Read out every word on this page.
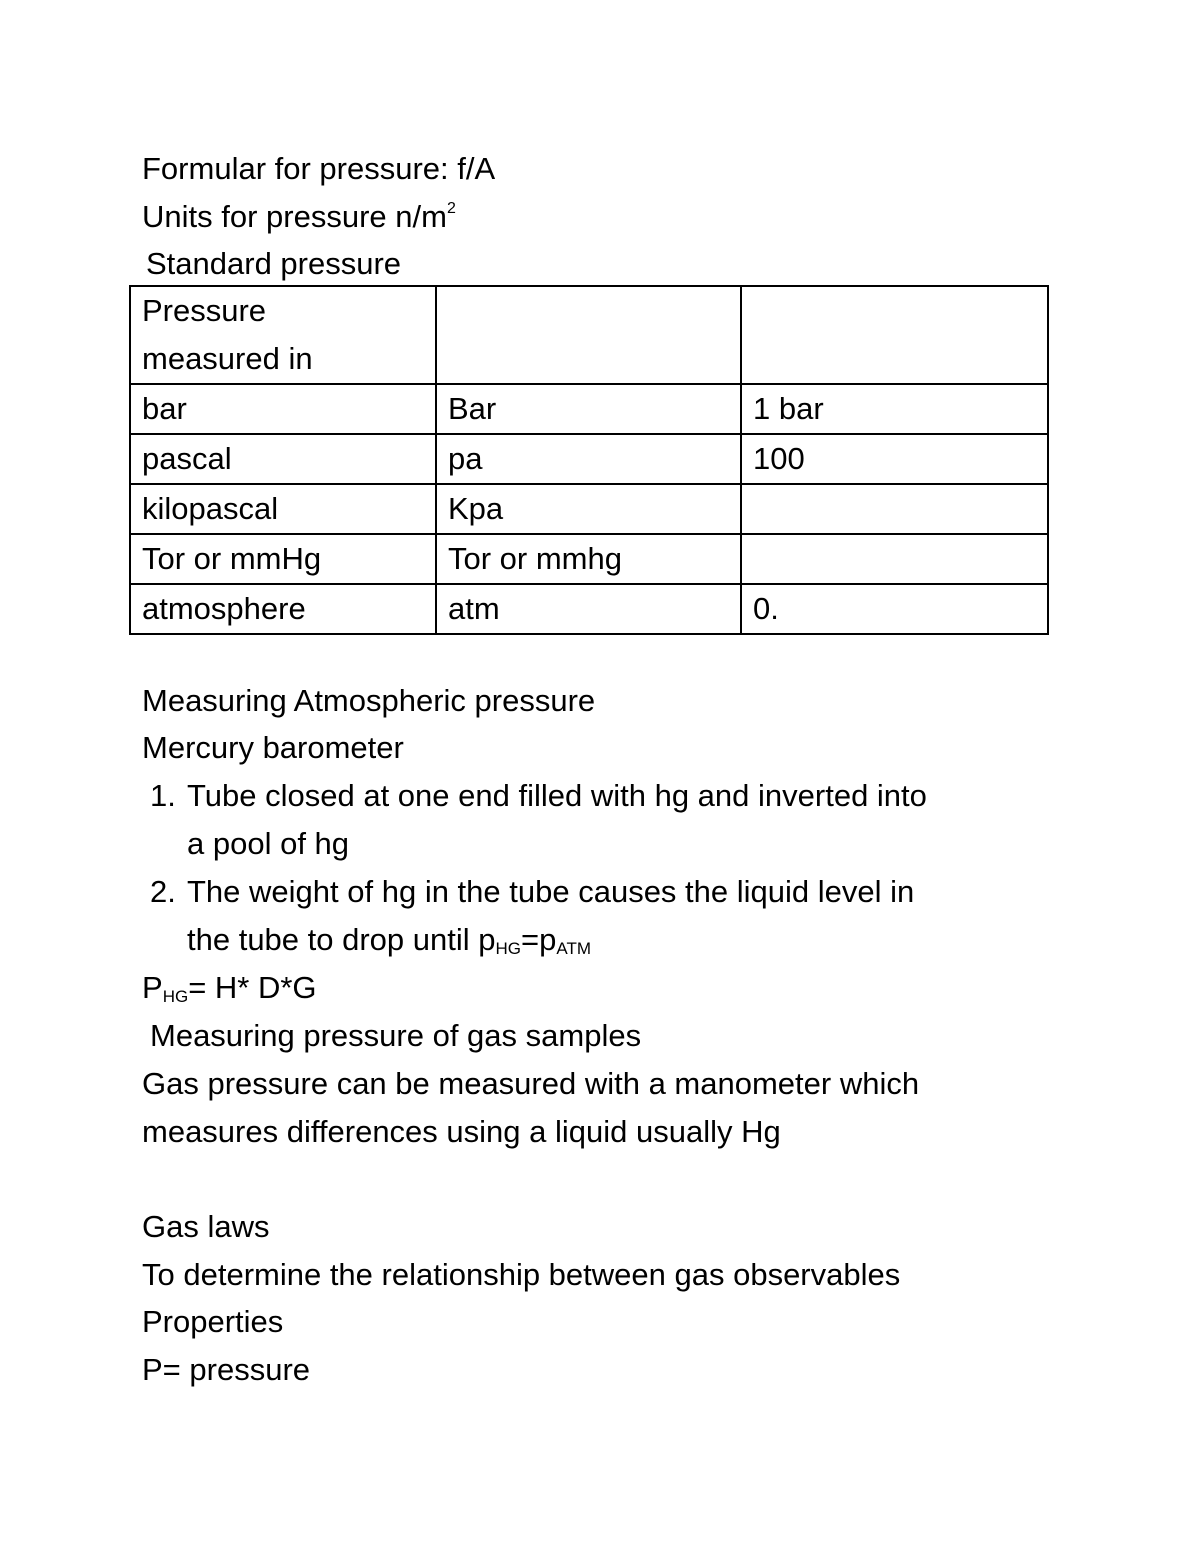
Formular for pressure: f/A

Units for pressure $n/m^2$

Standard pressure

Pressure
measured in		

bar	Bar	1 bar
pascal	pa	100
kilopascal	Kpa	
Tor or mmHg	Tor or mmhg	
atmosphere	atm	0.

Measuring Atmospheric pressure

Mercury barometer

1. Tube closed at one end filled with hg and inverted into
a pool of hg
2. The weight of hg in the tube causes the liquid level in
the tube to drop until $p_{HG}=p_{ATM}$

$P_{HG}= H*$ D*G

Measuring pressure of gas samples

Gas pressure can be measured with a manometer which

measures differences using a liquid usually Hg

Gas laws

To determine the relationship between gas observables

Properties

P= pressure
